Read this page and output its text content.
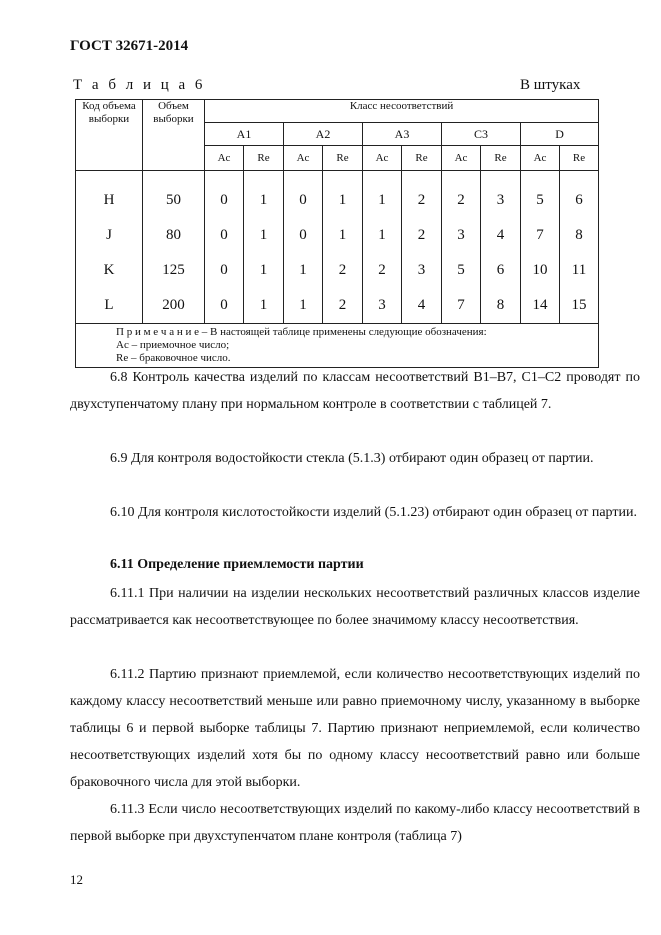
ГОСТ 32671-2014
Т а б л и ц а 6	В штуках
Код объема выборки	Объем выборки	Класс несоответствий									
		A1		A2		A3		C3		D	
		Ac	Re	Ac	Re	Ac	Re	Ac	Re	Ac	Re

H	50	0	1	0	1	1	2	2	3	5	6
J	80	0	1	0	1	1	2	3	4	7	8
K	125	0	1	1	2	2	3	5	6	10	11
L	200	0	1	1	2	3	4	7	8	14	15

П р и м е ч а н и е – В настоящей таблице применены следующие обозначения:
Ac – приемочное число;
Re – браковочное число.											
6.8 Контроль качества изделий по классам несоответствий В1–В7, С1–С2 проводят по двухступенчатому плану при нормальном контроле в соответствии с таблицей 7.
6.9 Для контроля водостойкости стекла (5.1.3) отбирают один образец от партии.
6.10 Для контроля кислотостойкости изделий (5.1.23) отбирают один образец от партии.
6.11 Определение приемлемости партии
6.11.1 При наличии на изделии нескольких несоответствий различных классов изделие рассматривается как несоответствующее по более значимому классу несоответствия.
6.11.2 Партию признают приемлемой, если количество несоответствующих изделий по каждому классу несоответствий меньше или равно приемочному числу, указанному в выборке таблицы 6 и первой выборке таблицы 7. Партию признают неприемлемой, если количество несоответствующих изделий хотя бы по одному классу несоответствий равно или больше браковочного числа для этой выборки.
6.11.3 Если число несоответствующих изделий по какому-либо классу несоответствий в первой выборке при двухступенчатом плане контроля (таблица 7)
12
